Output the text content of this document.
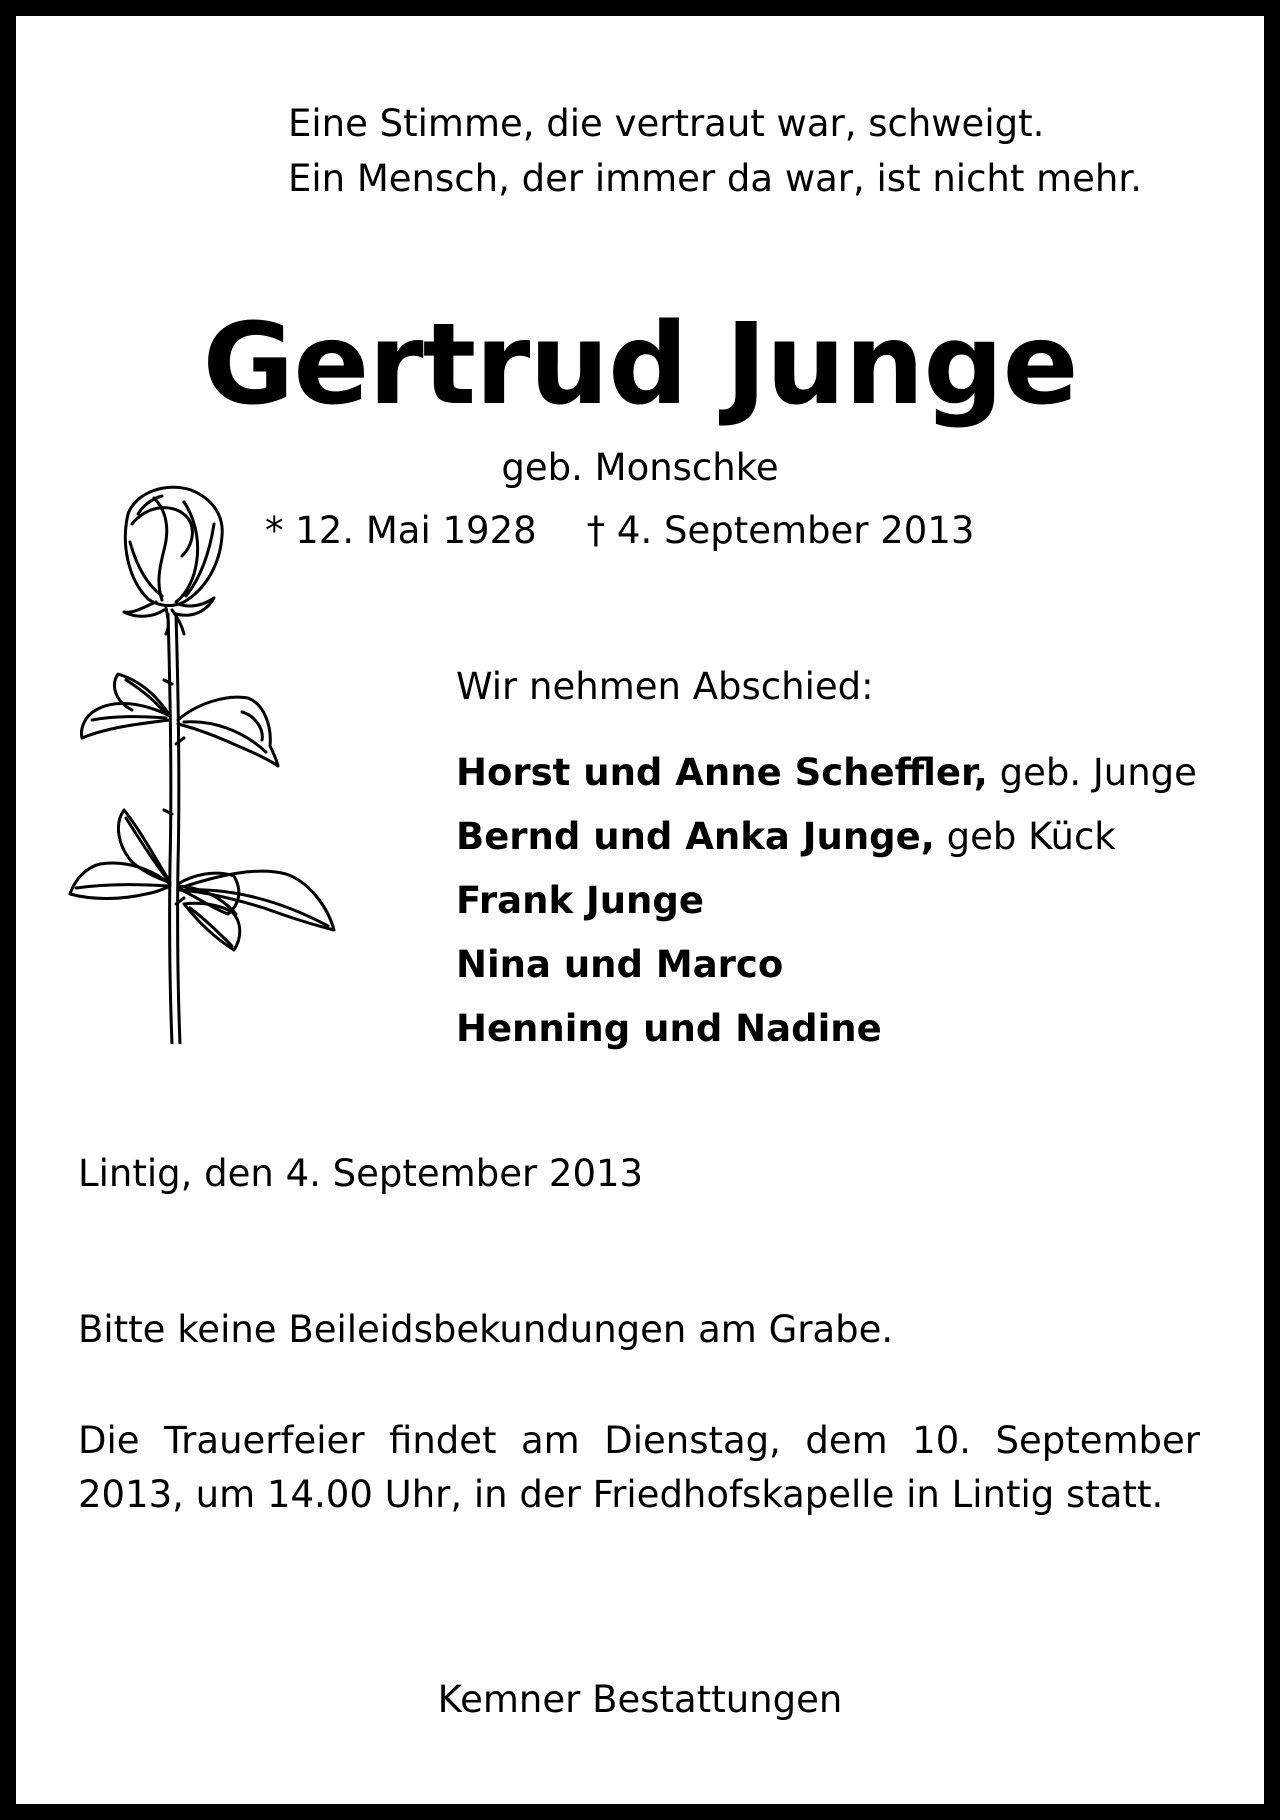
Eine Stimme, die vertraut war, schweigt.
Ein Mensch, der immer da war, ist nicht mehr.
Gertrud Junge
geb. Monschke
* 12. Mai 1928 † 4. September 2013
Wir nehmen Abschied:
Horst und Anne Scheffler, geb. Junge
Bernd und Anka Junge, geb Kück
Frank Junge
Nina und Marco
Henning und Nadine
Lintig, den 4. September 2013
Bitte keine Beileidsbekundungen am Grabe.
Die Trauerfeier findet am Dienstag, dem 10. September 2013, um 14.00 Uhr, in der Friedhofskapelle in Lintig statt.
Kemner Bestattungen
